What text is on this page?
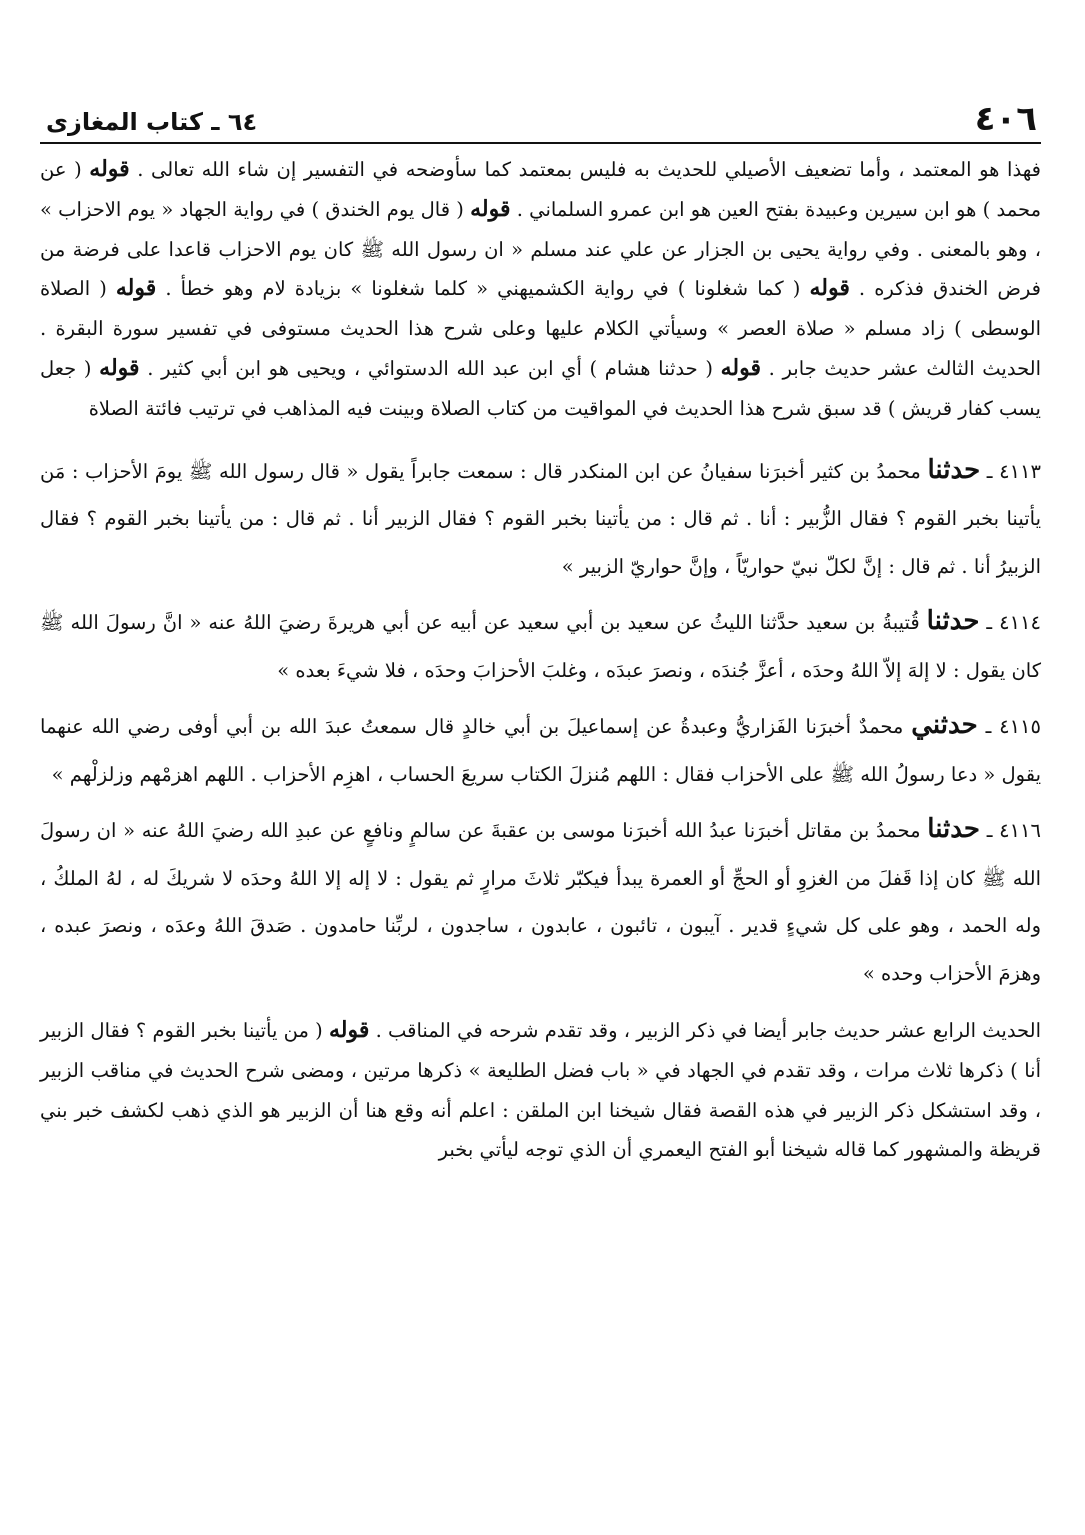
٦٤ ـ كتاب المغازى	٤٠٦

فهذا هو المعتمد ، وأما تضعيف الأصيلي للحديث به فليس بمعتمد كما سأوضحه في التفسير إن شاء الله تعالى . قوله ( عن محمد ) هو ابن سيرين وعبيدة بفتح العين هو ابن عمرو السلماني . قوله ( قال يوم الخندق ) في رواية الجهاد « يوم الاحزاب » ، وهو بالمعنى . وفي رواية يحيى بن الجزار عن علي عند مسلم « ان رسول الله ﷺ كان يوم الاحزاب قاعدا على فرضة من فرض الخندق فذكره . قوله ( كما شغلونا ) في رواية الكشميهني « كلما شغلونا » بزيادة لام وهو خطأ . قوله ( الصلاة الوسطى ) زاد مسلم « صلاة العصر » وسيأتي الكلام عليها وعلى شرح هذا الحديث مستوفى في تفسير سورة البقرة . الحديث الثالث عشر حديث جابر . قوله ( حدثنا هشام ) أي ابن عبد الله الدستوائي ، ويحيى هو ابن أبي كثير . قوله ( جعل يسب كفار قريش ) قد سبق شرح هذا الحديث في المواقيت من كتاب الصلاة وبينت فيه المذاهب في ترتيب فائتة الصلاة

٤١١٣ ـ حدثنا محمدُ بن كثير أخبرَنا سفيانُ عن ابن المنكدر قال : سمعت جابراً يقول « قال رسول الله ﷺ يومَ الأحزاب : مَن يأتينا بخبر القوم ؟ فقال الزُّبير : أنا . ثم قال : من يأتينا بخبر القوم ؟ فقال الزبير أنا . ثم قال : من يأتينا بخبر القوم ؟ فقال الزبيرُ أنا . ثم قال : إنَّ لكلّ نبيّ حواريّاً ، وإنَّ حواريّ الزبير »

٤١١٤ ـ حدثنا قُتيبةُ بن سعيد حدَّثنا الليثُ عن سعيد بن أبي سعيد عن أبيه عن أبي هريرةَ رضيَ اللهُ عنه « انَّ رسولَ الله ﷺ كان يقول : لا إلهَ إلاّ اللهُ وحدَه ، أعزَّ جُندَه ، ونصرَ عبدَه ، وغلبَ الأحزابَ وحدَه ، فلا شيءَ بعده »

٤١١٥ ـ حدثني محمدٌ أخبرَنا الفَزاريُّ وعبدةُ عن إسماعيلَ بن أبي خالدٍ قال سمعتُ عبدَ الله بن أبي أوفى رضي الله عنهما يقول « دعا رسولُ الله ﷺ على الأحزاب فقال : اللهم مُنزلَ الكتاب سريعَ الحساب ، اهزِم الأحزاب . اللهم اهزمْهم وزلزلْهم »

٤١١٦ ـ حدثنا محمدُ بن مقاتل أخبرَنا عبدُ الله أخبرَنا موسى بن عقبةَ عن سالمٍ ونافعٍ عن عبدِ الله رضيَ اللهُ عنه « ان رسولَ الله ﷺ كان إذا قَفلَ من الغزوِ أو الحجِّ أو العمرة يبدأ فيكبّر ثلاثَ مرارٍ ثم يقول : لا إله إلا اللهُ وحدَه لا شريكَ له ، لهُ الملكُ ، وله الحمد ، وهو على كل شيءٍ قدير . آيبون ، تائبون ، عابدون ، ساجدون ، لربِّنا حامدون . صَدقَ اللهُ وعدَه ، ونصرَ عبده ، وهزمَ الأحزاب وحده »

الحديث الرابع عشر حديث جابر أيضا في ذكر الزبير ، وقد تقدم شرحه في المناقب . قوله ( من يأتينا بخبر القوم ؟ فقال الزبير أنا ) ذكرها ثلاث مرات ، وقد تقدم في الجهاد في « باب فضل الطليعة » ذكرها مرتين ، ومضى شرح الحديث في مناقب الزبير ، وقد استشكل ذكر الزبير في هذه القصة فقال شيخنا ابن الملقن : اعلم أنه وقع هنا أن الزبير هو الذي ذهب لكشف خبر بني قريظة والمشهور كما قاله شيخنا أبو الفتح اليعمري أن الذي توجه ليأتي بخبر
